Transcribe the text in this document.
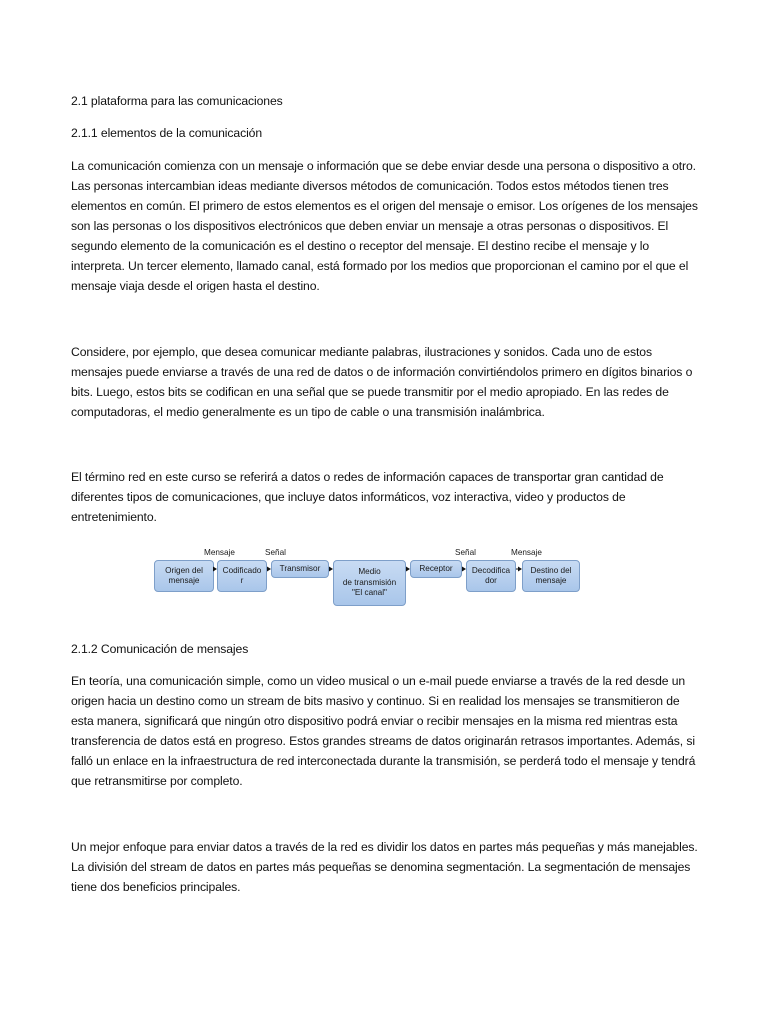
2.1 plataforma para las comunicaciones

2.1.1 elementos de la comunicación

La comunicación comienza con un mensaje o información que se debe enviar desde una persona o dispositivo a otro. Las personas intercambian ideas mediante diversos métodos de comunicación. Todos estos métodos tienen tres elementos en común. El primero de estos elementos es el origen del mensaje o emisor. Los orígenes de los mensajes son las personas o los dispositivos electrónicos que deben enviar un mensaje a otras personas o dispositivos. El segundo elemento de la comunicación es el destino o receptor del mensaje. El destino recibe el mensaje y lo interpreta. Un tercer elemento, llamado canal, está formado por los medios que proporcionan el camino por el que el mensaje viaja desde el origen hasta el destino.

Considere, por ejemplo, que desea comunicar mediante palabras, ilustraciones y sonidos. Cada uno de estos mensajes puede enviarse a través de una red de datos o de información convirtiéndolos primero en dígitos binarios o bits. Luego, estos bits se codifican en una señal que se puede transmitir por el medio apropiado. En las redes de computadoras, el medio generalmente es un tipo de cable o una transmisión inalámbrica.

El término red en este curso se referirá a datos o redes de información capaces de transportar gran cantidad de diferentes tipos de comunicaciones, que incluye datos informáticos, voz interactiva, video y productos de entretenimiento.

2.1.2 Comunicación de mensajes

En teoría, una comunicación simple, como un video musical o un e-mail puede enviarse a través de la red desde un origen hacia un destino como un stream de bits masivo y continuo. Si en realidad los mensajes se transmitieron de esta manera, significará que ningún otro dispositivo podrá enviar o recibir mensajes en la misma red mientras esta transferencia de datos está en progreso. Estos grandes streams de datos originarán retrasos importantes. Además, si falló un enlace en la infraestructura de red interconectada durante la transmisión, se perderá todo el mensaje y tendrá que retransmitirse por completo.

Un mejor enfoque para enviar datos a través de la red es dividir los datos en partes más pequeñas y más manejables. La división del stream de datos en partes más pequeñas se denomina segmentación. La segmentación de mensajes tiene dos beneficios principales.

Mensaje	Señal	Señal	Mensaje
Origen del
mensaje
Codificado
r
Transmisor	Medio
de transmisión
"El canal"
Receptor Decodifica
dor
Destino del
mensaje
